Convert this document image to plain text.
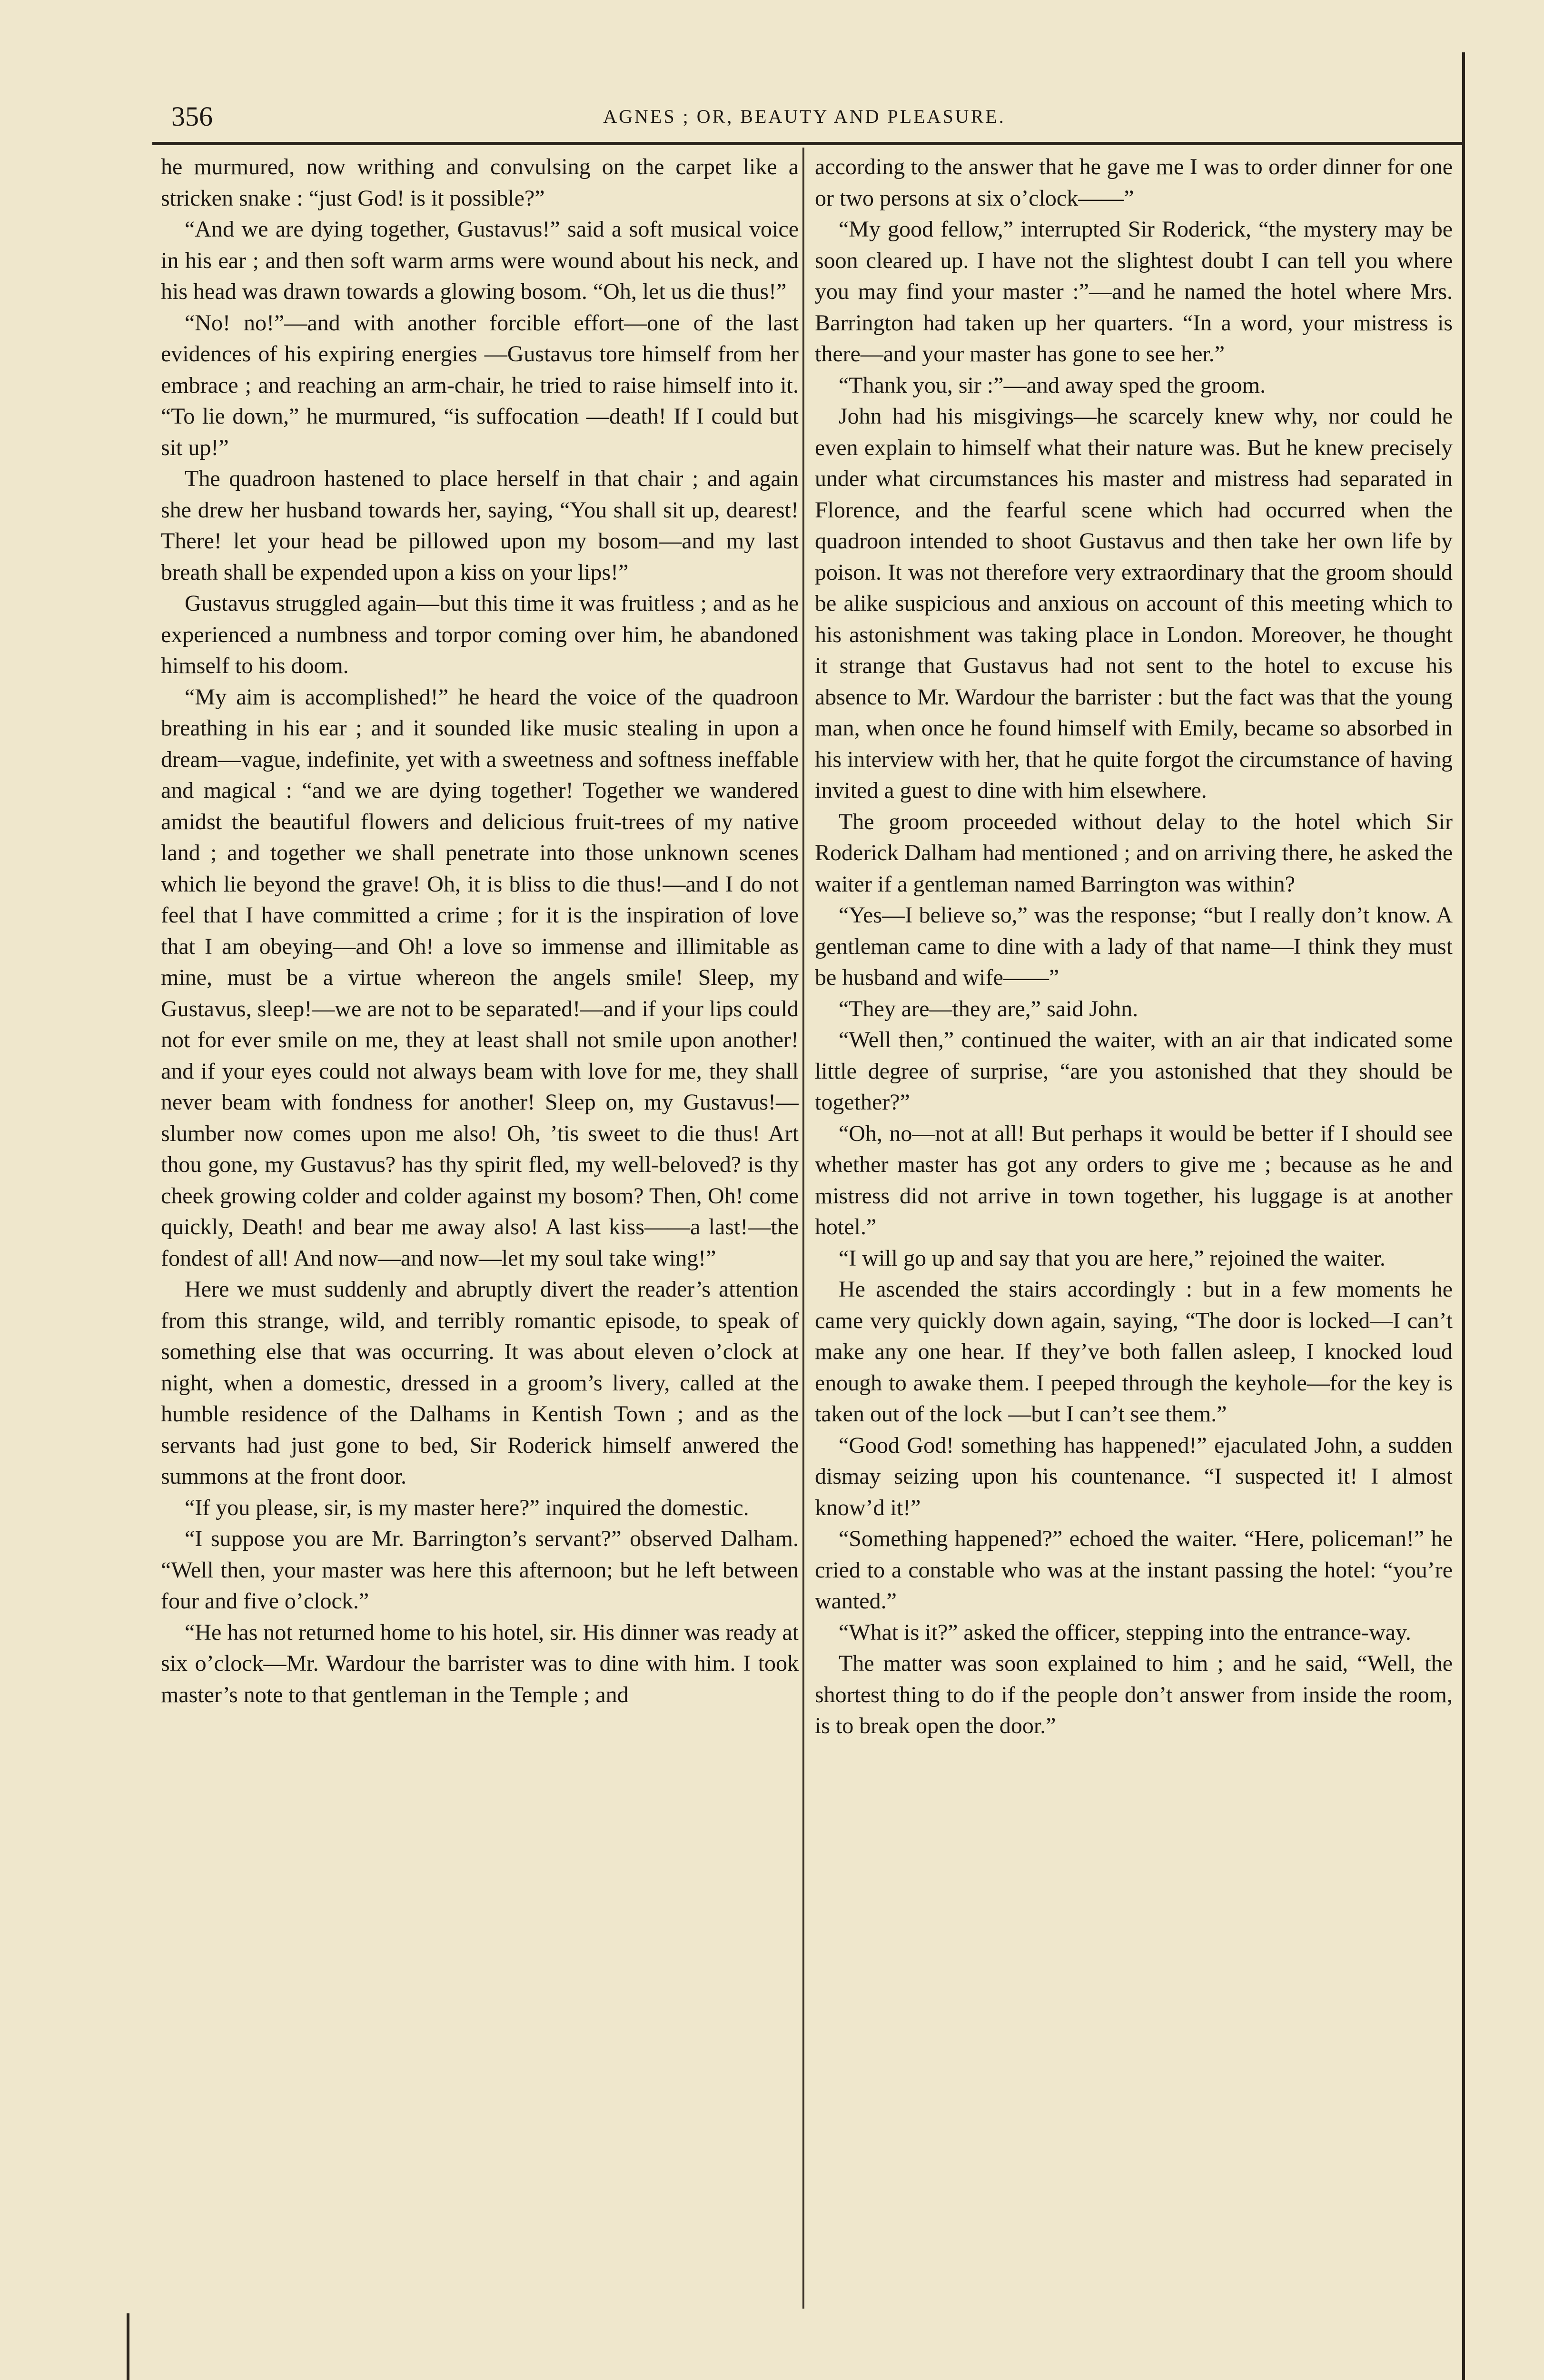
356	AGNES ; OR, BEAUTY AND PLEASURE.

he murmured, now writhing and convulsing on the carpet like a stricken snake : “just God! is it possible?”

“And we are dying together, Gustavus!” said a soft musical voice in his ear ; and then soft warm arms were wound about his neck, and his head was drawn towards a glowing bosom. “Oh, let us die thus!”

“No! no!”—and with another forcible effort—one of the last evidences of his expiring energies —Gustavus tore himself from her embrace ; and reaching an arm-chair, he tried to raise himself into it. “To lie down,” he murmured, “is suffocation —death! If I could but sit up!”

The quadroon hastened to place herself in that chair ; and again she drew her husband towards her, saying, “You shall sit up, dearest! There! let your head be pillowed upon my bosom—and my last breath shall be expended upon a kiss on your lips!”

Gustavus struggled again—but this time it was fruitless ; and as he experienced a numbness and torpor coming over him, he abandoned himself to his doom.

“My aim is accomplished!” he heard the voice of the quadroon breathing in his ear ; and it sounded like music stealing in upon a dream—vague, indefinite, yet with a sweetness and softness ineffable and magical : “and we are dying together! Together we wandered amidst the beautiful flowers and delicious fruit-trees of my native land ; and together we shall penetrate into those unknown scenes which lie beyond the grave! Oh, it is bliss to die thus!—and I do not feel that I have committed a crime ; for it is the inspiration of love that I am obeying—and Oh! a love so immense and illimitable as mine, must be a virtue whereon the angels smile! Sleep, my Gustavus, sleep!—we are not to be separated!—and if your lips could not for ever smile on me, they at least shall not smile upon another! and if your eyes could not always beam with love for me, they shall never beam with fondness for another! Sleep on, my Gustavus!—slumber now comes upon me also! Oh, ’tis sweet to die thus! Art thou gone, my Gustavus? has thy spirit fled, my well-beloved? is thy cheek growing colder and colder against my bosom? Then, Oh! come quickly, Death! and bear me away also! A last kiss——a last!—the fondest of all! And now—and now—let my soul take wing!”

Here we must suddenly and abruptly divert the reader’s attention from this strange, wild, and terribly romantic episode, to speak of something else that was occurring. It was about eleven o’clock at night, when a domestic, dressed in a groom’s livery, called at the humble residence of the Dalhams in Kentish Town ; and as the servants had just gone to bed, Sir Roderick himself anwered the summons at the front door.

“If you please, sir, is my master here?” inquired the domestic.

“I suppose you are Mr. Barrington’s servant?” observed Dalham. “Well then, your master was here this afternoon; but he left between four and five o’clock.”

“He has not returned home to his hotel, sir. His dinner was ready at six o’clock—Mr. Wardour the barrister was to dine with him. I took master’s note to that gentleman in the Temple ; and

according to the answer that he gave me I was to order dinner for one or two persons at six o’clock——”

“My good fellow,” interrupted Sir Roderick, “the mystery may be soon cleared up. I have not the slightest doubt I can tell you where you may find your master :”—and he named the hotel where Mrs. Barrington had taken up her quarters. “In a word, your mistress is there—and your master has gone to see her.”

“Thank you, sir :”—and away sped the groom.

John had his misgivings—he scarcely knew why, nor could he even explain to himself what their nature was. But he knew precisely under what circumstances his master and mistress had separated in Florence, and the fearful scene which had occurred when the quadroon intended to shoot Gustavus and then take her own life by poison. It was not therefore very extraordinary that the groom should be alike suspicious and anxious on account of this meeting which to his astonishment was taking place in London. Moreover, he thought it strange that Gustavus had not sent to the hotel to excuse his absence to Mr. Wardour the barrister : but the fact was that the young man, when once he found himself with Emily, became so absorbed in his interview with her, that he quite forgot the circumstance of having invited a guest to dine with him elsewhere.

The groom proceeded without delay to the hotel which Sir Roderick Dalham had mentioned ; and on arriving there, he asked the waiter if a gentleman named Barrington was within?

“Yes—I believe so,” was the response; “but I really don’t know. A gentleman came to dine with a lady of that name—I think they must be husband and wife——”

“They are—they are,” said John.

“Well then,” continued the waiter, with an air that indicated some little degree of surprise, “are you astonished that they should be together?”

“Oh, no—not at all! But perhaps it would be better if I should see whether master has got any orders to give me ; because as he and mistress did not arrive in town together, his luggage is at another hotel.”

“I will go up and say that you are here,” rejoined the waiter.

He ascended the stairs accordingly : but in a few moments he came very quickly down again, saying, “The door is locked—I can’t make any one hear. If they’ve both fallen asleep, I knocked loud enough to awake them. I peeped through the keyhole—for the key is taken out of the lock —but I can’t see them.”

“Good God! something has happened!” ejaculated John, a sudden dismay seizing upon his countenance. “I suspected it! I almost know’d it!”

“Something happened?” echoed the waiter. “Here, policeman!” he cried to a constable who was at the instant passing the hotel: “you’re wanted.”

“What is it?” asked the officer, stepping into the entrance-way.

The matter was soon explained to him ; and he said, “Well, the shortest thing to do if the people don’t answer from inside the room, is to break open the door.”
